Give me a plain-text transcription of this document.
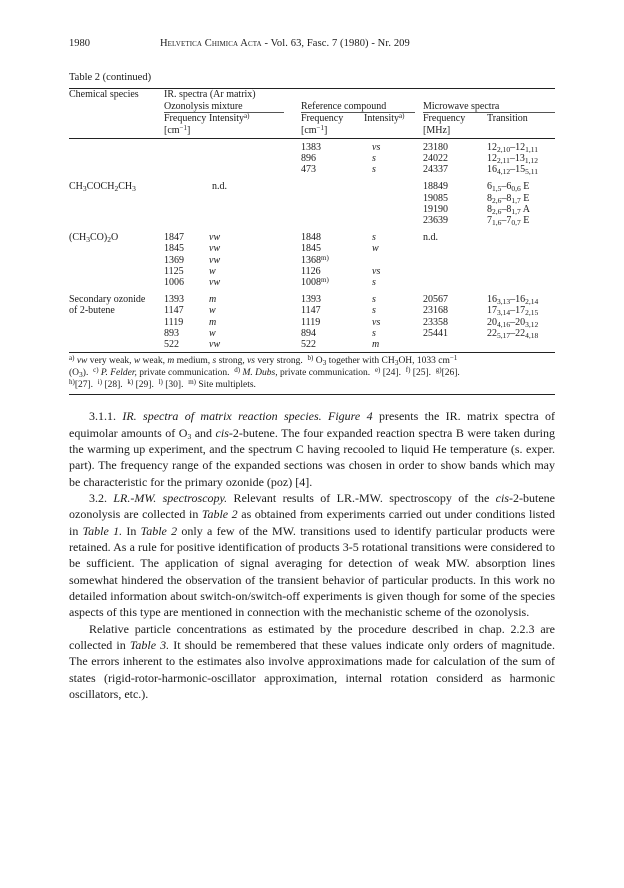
1980	Helvetica Chimica Acta - Vol. 63, Fasc. 7 (1980) - Nr. 209
Table 2 (continued)
Chemical species	IR. spectra (Ar matrix)					

	Ozonolysis mixture		Reference compound		Microwave spectra	

	Frequency	Intensity$^{a)}$	Frequency	Intensity$^{a)}$	Frequency	Transition
	$[cm^{-1}]$		$[cm^{-1}]$		[MHz]	
			1383	vs	23180	$12_{2,10}-12_{1,11}$
			896	s	24022	$12_{2,11}-13_{1,12}$
			473	s	24337	$16_{4,12}-15_{5,11}$
$CH_3COCH_2CH_3$	n.d.				18849	$6_{1,5}-6_{0,6}$ E
					19085	$8_{2,6}-8_{1,7}$ E
					19190	$8_{2,6}-8_{1,7}$ A
					23639	$7_{1,6}-7_{0,7}$ E
$(CH_3CO)_2O$	1847	vw	1848	s	n.d.	
	1845	vw	1845	w		
	1369	vw	1368$^{m)}$			
	1125	w	1126	vs		
	1006	vw	1008$^{m)}$	s		
Secondary ozonide	1393	m	1393	s	20567	$16_{3,13}-16_{2,14}$
of 2-butene	1147	w	1147	s	23168	$17_{3,14}-17_{2,15}$
	1119	m	1119	vs	23358	$20_{4,16}-20_{3,12}$
	893	w	894	s	25441	$22_{5,17}-22_{4,18}$
	522	vw	522	m		
$^{a)}$ vw very weak, w weak, m medium, s strong, vs very strong. $^{b)}$ $O_3$ together with $CH_3OH$, 1033 $cm^{-1}$
$(O_3)$. $^{c)}$ P. Felder, private communication. $^{d)}$ M. Dubs, private communication. $^{e)}$ [24]. $^{f)}$ [25]. $^{g)}$[26].
$^{h)}$[27]. $^{i)}$ [28]. $^{k)}$ [29]. $^{l)}$ [30]. $^{m)}$ Site multiplets.

3.1.1. IR. spectra of matrix reaction species. Figure 4 presents the IR. matrix spectra of equimolar amounts of $O_3$ and cis-2-butene. The four expanded reaction spectra B were taken during the warming up experiment, and the spectrum C having recooled to liquid He temperature (s. exper. part). The frequency range of the expanded sections was chosen in order to show bands which may be characteristic for the primary ozonide (poz) [4].

3.2. LR.-MW. spectroscopy. Relevant results of LR.-MW. spectroscopy of the cis-2-butene ozonolysis are collected in Table 2 as obtained from experiments carried out under conditions listed in Table 1. In Table 2 only a few of the MW. transitions used to identify particular products were retained. As a rule for positive identification of products 3-5 rotational transitions were considered to be sufficient. The application of signal averaging for detection of weak MW. absorption lines somewhat hindered the observation of the transient behavior of particular products. In this work no detailed information about switch-on/switch-off experiments is given though for some of the species aspects of this type are mentioned in connection with the mechanistic scheme of the ozonolysis.

Relative particle concentrations as estimated by the procedure described in chap. 2.2.3 are collected in Table 3. It should be remembered that these values indicate only orders of magnitude. The errors inherent to the estimates also involve approximations made for calculation of the sum of states (rigid-rotor-harmonic-oscillator approximation, internal rotation considerd as harmonic oscillators, etc.).
